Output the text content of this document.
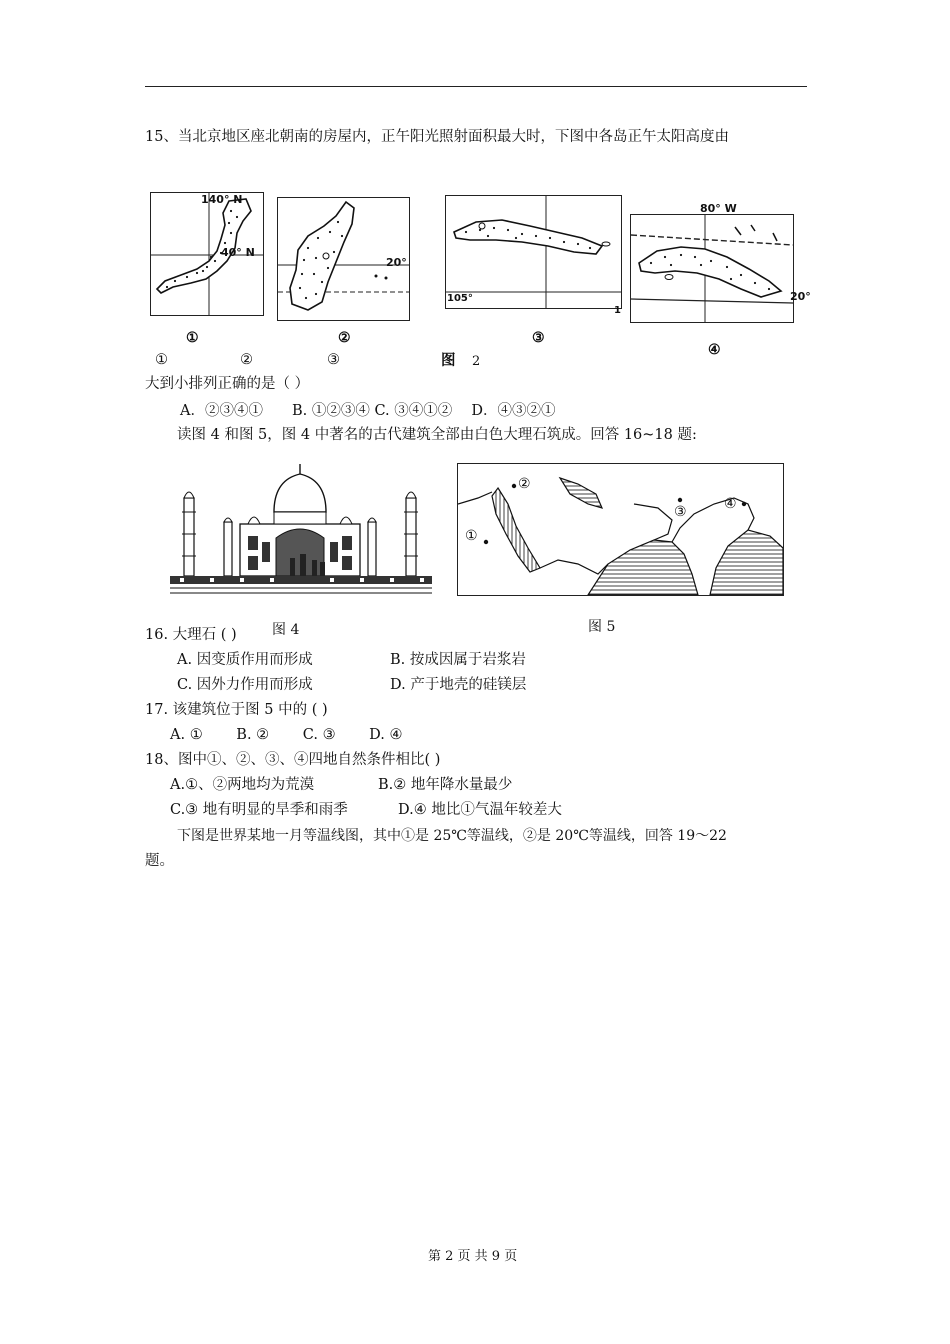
15、当北京地区座北朝南的房屋内，正午阳光照射面积最大时，下图中各岛正午太阳高度由
140° N
40° N
20°
105°
1
80° W
20°
①	②	③
④
①	②	③	图 2
大到小排列正确的是（ ）
A．②③④①　　B. ①②③④ C. ③④①②　 D．④③②①
读图 4 和图 5，图 4 中著名的古代建筑全部由白色大理石筑成。回答 16~18 题:
图 4
②
①
③	④
图 5
16. 大理石 ( )
A. 因变质作用而形成	B. 按成因属于岩浆岩
C. 因外力作用而形成	D. 产于地壳的硅镁层
17. 该建筑位于图 5 中的 ( )
A. ①　　 B. ②　　 C. ③　　 D. ④
18、图中①、②、③、④四地自然条件相比( )
A.①、②两地均为荒漠	B.② 地年降水量最少
C.③ 地有明显的旱季和雨季	D.④ 地比①气温年较差大
下图是世界某地一月等温线图，其中①是 25℃等温线，②是 20℃等温线，回答 19～22
题。
第 2 页 共 9 页
